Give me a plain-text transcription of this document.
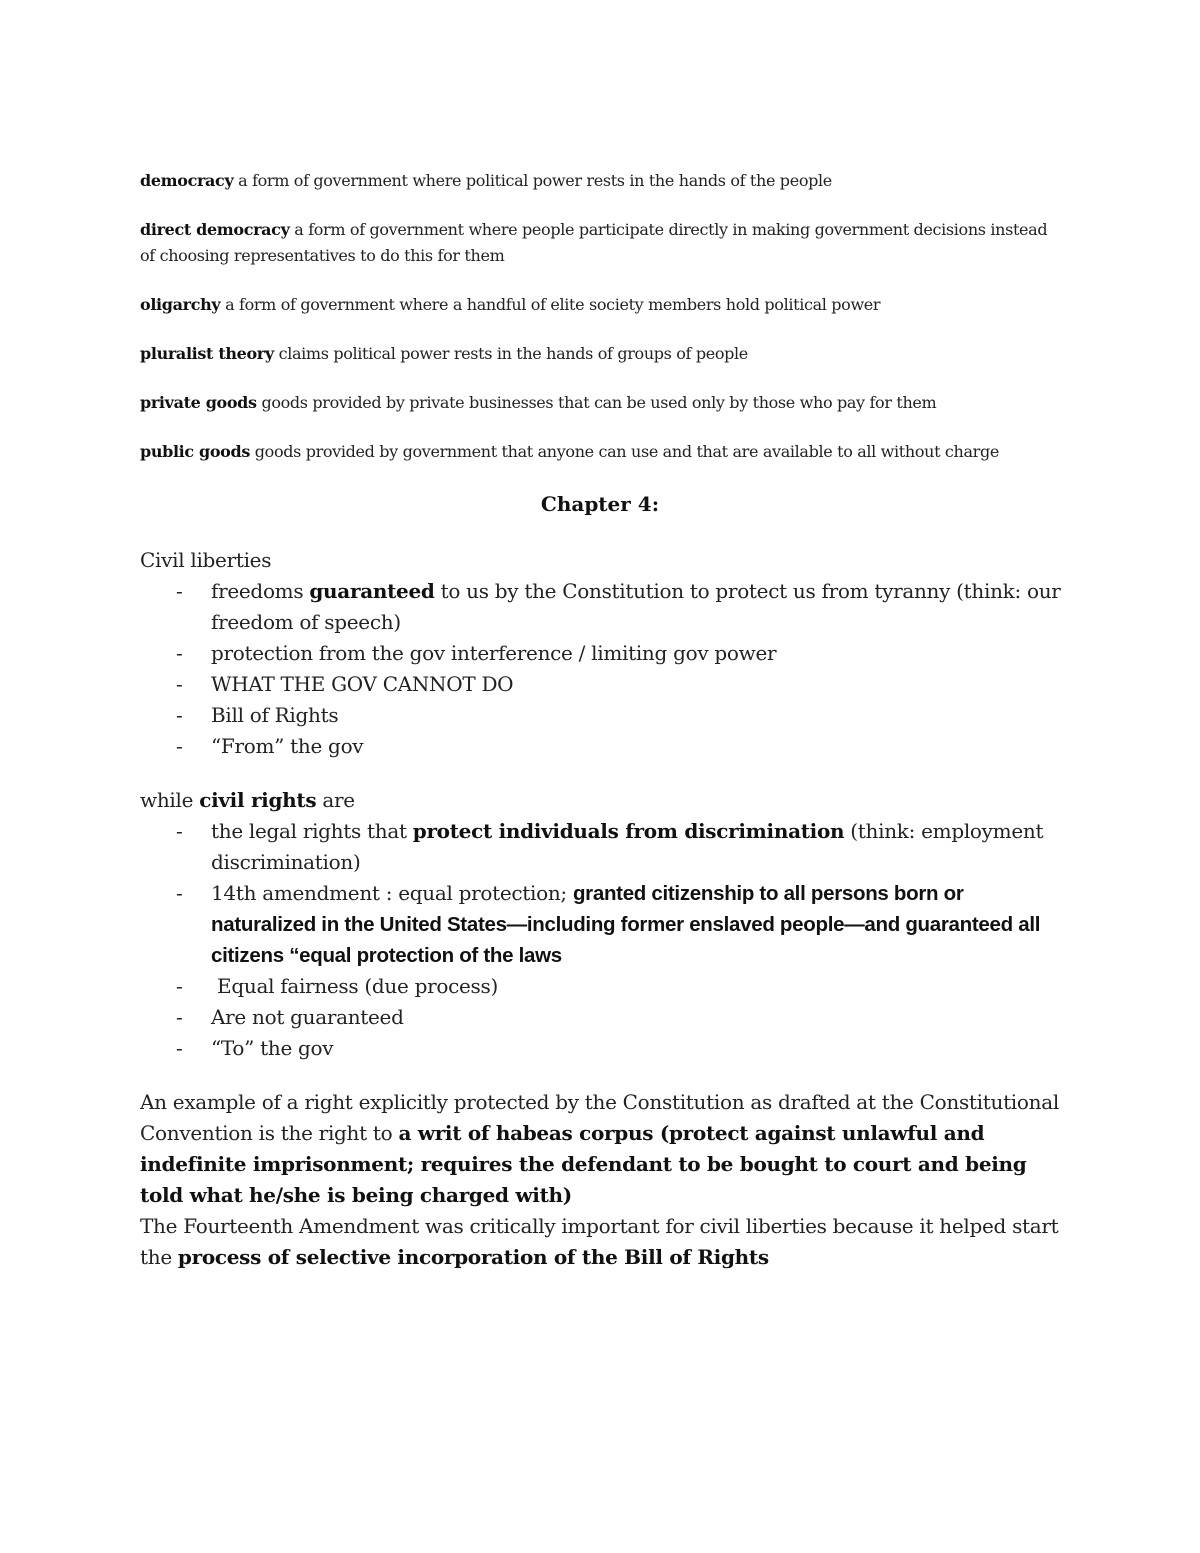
democracy a form of government where political power rests in the hands of the people

direct democracy a form of government where people participate directly in making government decisions instead of choosing representatives to do this for them

oligarchy a form of government where a handful of elite society members hold political power

pluralist theory claims political power rests in the hands of groups of people

private goods goods provided by private businesses that can be used only by those who pay for them

public goods goods provided by government that anyone can use and that are available to all without charge

Chapter 4:

Civil liberties

- freedoms guaranteed to us by the Constitution to protect us from tyranny (think: our freedom of speech)
- protection from the gov interference / limiting gov power
- WHAT THE GOV CANNOT DO
- Bill of Rights
- “From” the gov

while civil rights are

- the legal rights that protect individuals from discrimination (think: employment discrimination)
- 14th amendment : equal protection; granted citizenship to all persons born or naturalized in the United States—including former enslaved people—and guaranteed all citizens “equal protection of the laws
- Equal fairness (due process)
- Are not guaranteed
- “To” the gov

An example of a right explicitly protected by the Constitution as drafted at the Constitutional Convention is the right to a writ of habeas corpus (protect against unlawful and indefinite imprisonment; requires the defendant to be bought to court and being told what he/she is being charged with)

The Fourteenth Amendment was critically important for civil liberties because it helped start the process of selective incorporation of the Bill of Rights
